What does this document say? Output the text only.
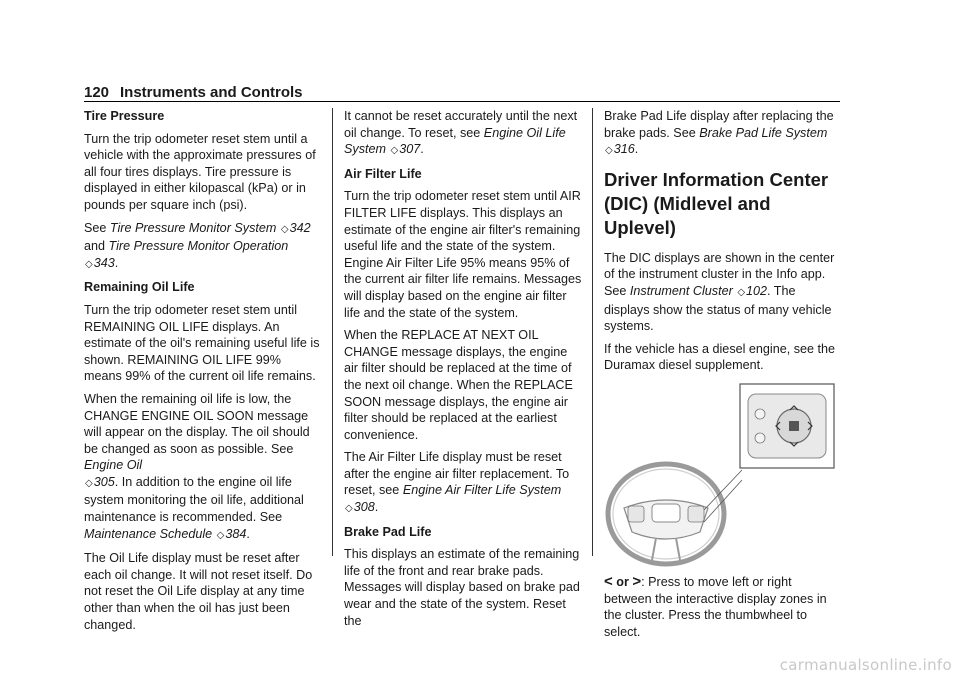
120 Instruments and Controls

Tire Pressure

Turn the trip odometer reset stem until a vehicle with the approximate pressures of all four tires displays. Tire pressure is displayed in either kilopascal (kPa) or in pounds per square inch (psi).

See Tire Pressure Monitor System ◇342 and Tire Pressure Monitor Operation ◇343.

Remaining Oil Life

Turn the trip odometer reset stem until REMAINING OIL LIFE displays. An estimate of the oil's remaining useful life is shown. REMAINING OIL LIFE 99% means 99% of the current oil life remains.

When the remaining oil life is low, the CHANGE ENGINE OIL SOON message will appear on the display. The oil should be changed as soon as possible. See Engine Oil
◇305. In addition to the engine oil life system monitoring the oil life, additional maintenance is recommended. See Maintenance Schedule ◇384.

The Oil Life display must be reset after each oil change. It will not reset itself. Do not reset the Oil Life display at any time other than when the oil has just been changed.

It cannot be reset accurately until the next oil change. To reset, see Engine Oil Life System ◇307.

Air Filter Life

Turn the trip odometer reset stem until AIR FILTER LIFE displays. This displays an estimate of the engine air filter's remaining useful life and the state of the system. Engine Air Filter Life 95% means 95% of the current air filter life remains. Messages will display based on the engine air filter life and the state of the system.

When the REPLACE AT NEXT OIL CHANGE message displays, the engine air filter should be replaced at the time of the next oil change. When the REPLACE SOON message displays, the engine air filter should be replaced at the earliest convenience.

The Air Filter Life display must be reset after the engine air filter replacement. To reset, see Engine Air Filter Life System ◇308.

Brake Pad Life

This displays an estimate of the remaining life of the front and rear brake pads. Messages will display based on brake pad wear and the state of the system. Reset the

Brake Pad Life display after replacing the brake pads. See Brake Pad Life System
◇316.

Driver Information Center (DIC) (Midlevel and Uplevel)

The DIC displays are shown in the center of the instrument cluster in the Info app. See Instrument Cluster ◇102. The displays show the status of many vehicle systems.

If the vehicle has a diesel engine, see the Duramax diesel supplement.

< or >: Press to move left or right between the interactive display zones in the cluster. Press the thumbwheel to select.

carmanualsonline.info
